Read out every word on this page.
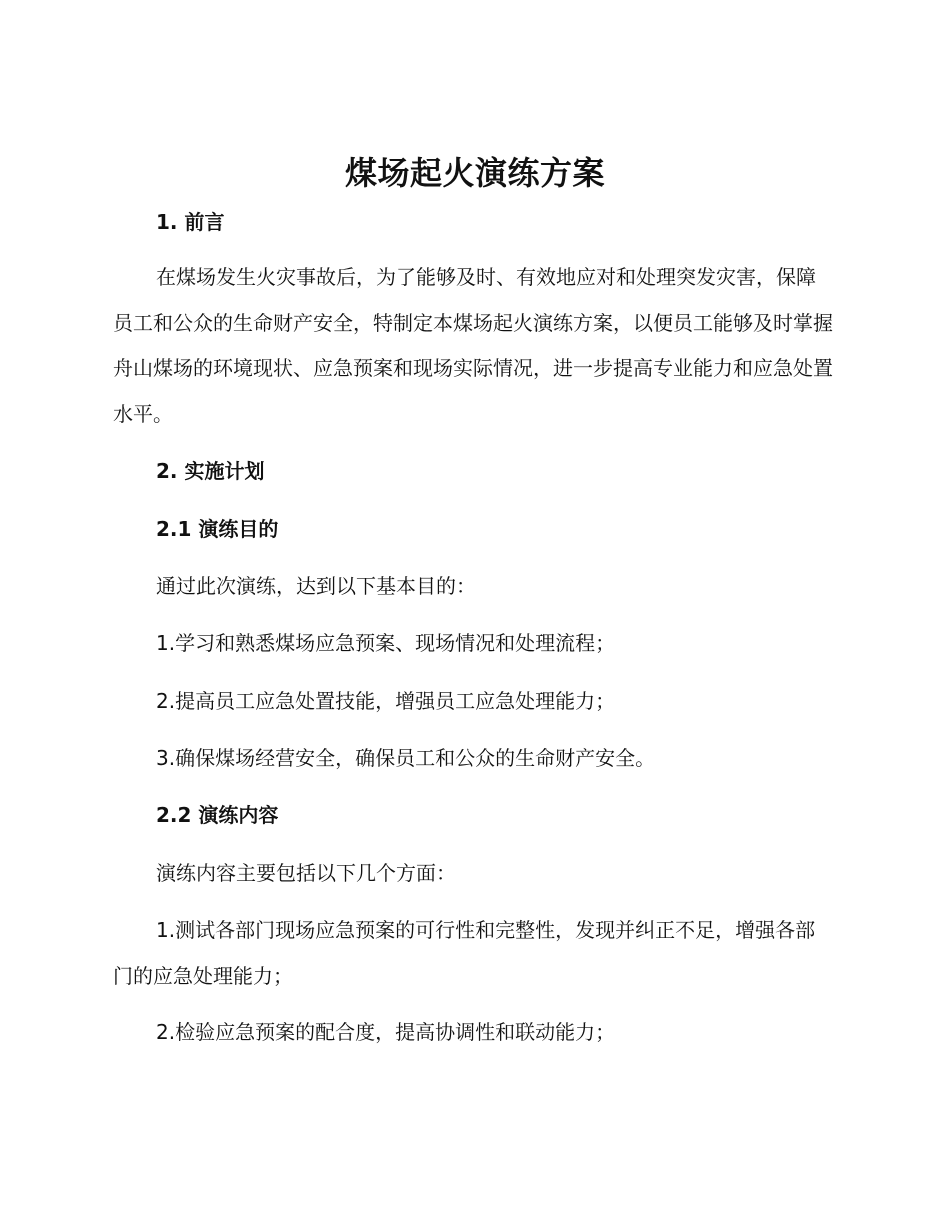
煤场起火演练方案
1. 前言
在煤场发生火灾事故后，为了能够及时、有效地应对和处理突发灾害，保障员工和公众的生命财产安全，特制定本煤场起火演练方案，以便员工能够及时掌握舟山煤场的环境现状、应急预案和现场实际情况，进一步提高专业能力和应急处置水平。
2. 实施计划
2.1 演练目的
通过此次演练，达到以下基本目的：
1.学习和熟悉煤场应急预案、现场情况和处理流程；
2.提高员工应急处置技能，增强员工应急处理能力；
3.确保煤场经营安全，确保员工和公众的生命财产安全。
2.2 演练内容
演练内容主要包括以下几个方面：
1.测试各部门现场应急预案的可行性和完整性，发现并纠正不足，增强各部门的应急处理能力；
2.检验应急预案的配合度，提高协调性和联动能力；
